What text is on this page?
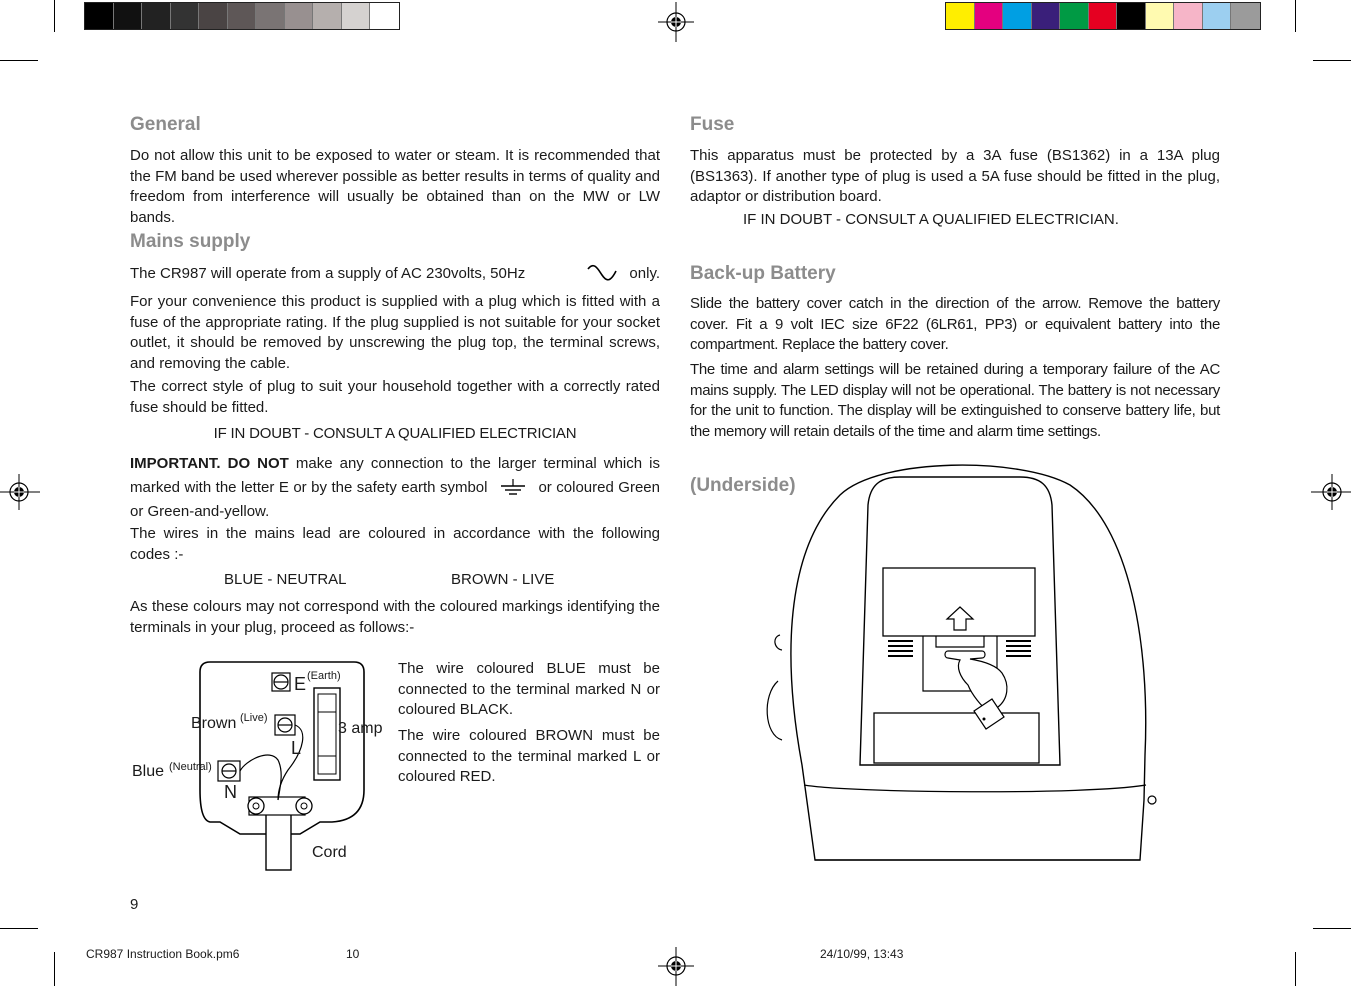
General
Do not allow this unit to be exposed to water or steam. It is recommended that the FM band be used wherever possible as better results in terms of quality and freedom from interference will usually be obtained than on the MW or LW bands.
Mains supply
The CR987 will operate from a supply of AC 230volts, 50Hz	only.
For your convenience this product is supplied with a plug which is fitted with a fuse of the appropriate rating. If the plug supplied is not suitable for your socket outlet, it should be removed by unscrewing the plug top, the terminal screws, and removing the cable.
The correct style of plug to suit your household together with a correctly rated fuse should be fitted.
IF IN DOUBT - CONSULT A QUALIFIED ELECTRICIAN
IMPORTANT. DO NOT make any connection to the larger terminal which is marked with the letter E or by the safety earth symbol	or coloured Green or Green-and-yellow.
The wires in the mains lead are coloured in accordance with the following codes :-
BLUE - NEUTRAL	BROWN - LIVE
As these colours may not correspond with the coloured markings identifying the terminals in your plug, proceed as follows:-
E (Earth)
Brown (Live)
3 amp
L
Blue (Neutral)
N
Cord
The wire coloured BLUE must be connected to the terminal marked N or coloured BLACK.
The wire coloured BROWN must be connected to the terminal marked L or coloured RED.
9
Fuse
This apparatus must be protected by a 3A fuse (BS1362) in a 13A plug (BS1363). If another type of plug is used a 5A fuse should be fitted in the plug, adaptor or distribution board.
IF IN DOUBT - CONSULT A QUALIFIED ELECTRICIAN.
Back-up Battery
Slide the battery cover catch in the direction of the arrow. Remove the battery cover. Fit a 9 volt IEC size 6F22 (6LR61, PP3) or equivalent battery into the compartment. Replace the battery cover.
The time and alarm settings will be retained during a temporary failure of the AC mains supply. The LED display will not be operational. The battery is not necessary for the unit to function. The display will be extinguished to conserve battery life, but the memory will retain details of the time and alarm time settings.
(Underside)
CR987 Instruction Book.pm6	10	24/10/99, 13:43
